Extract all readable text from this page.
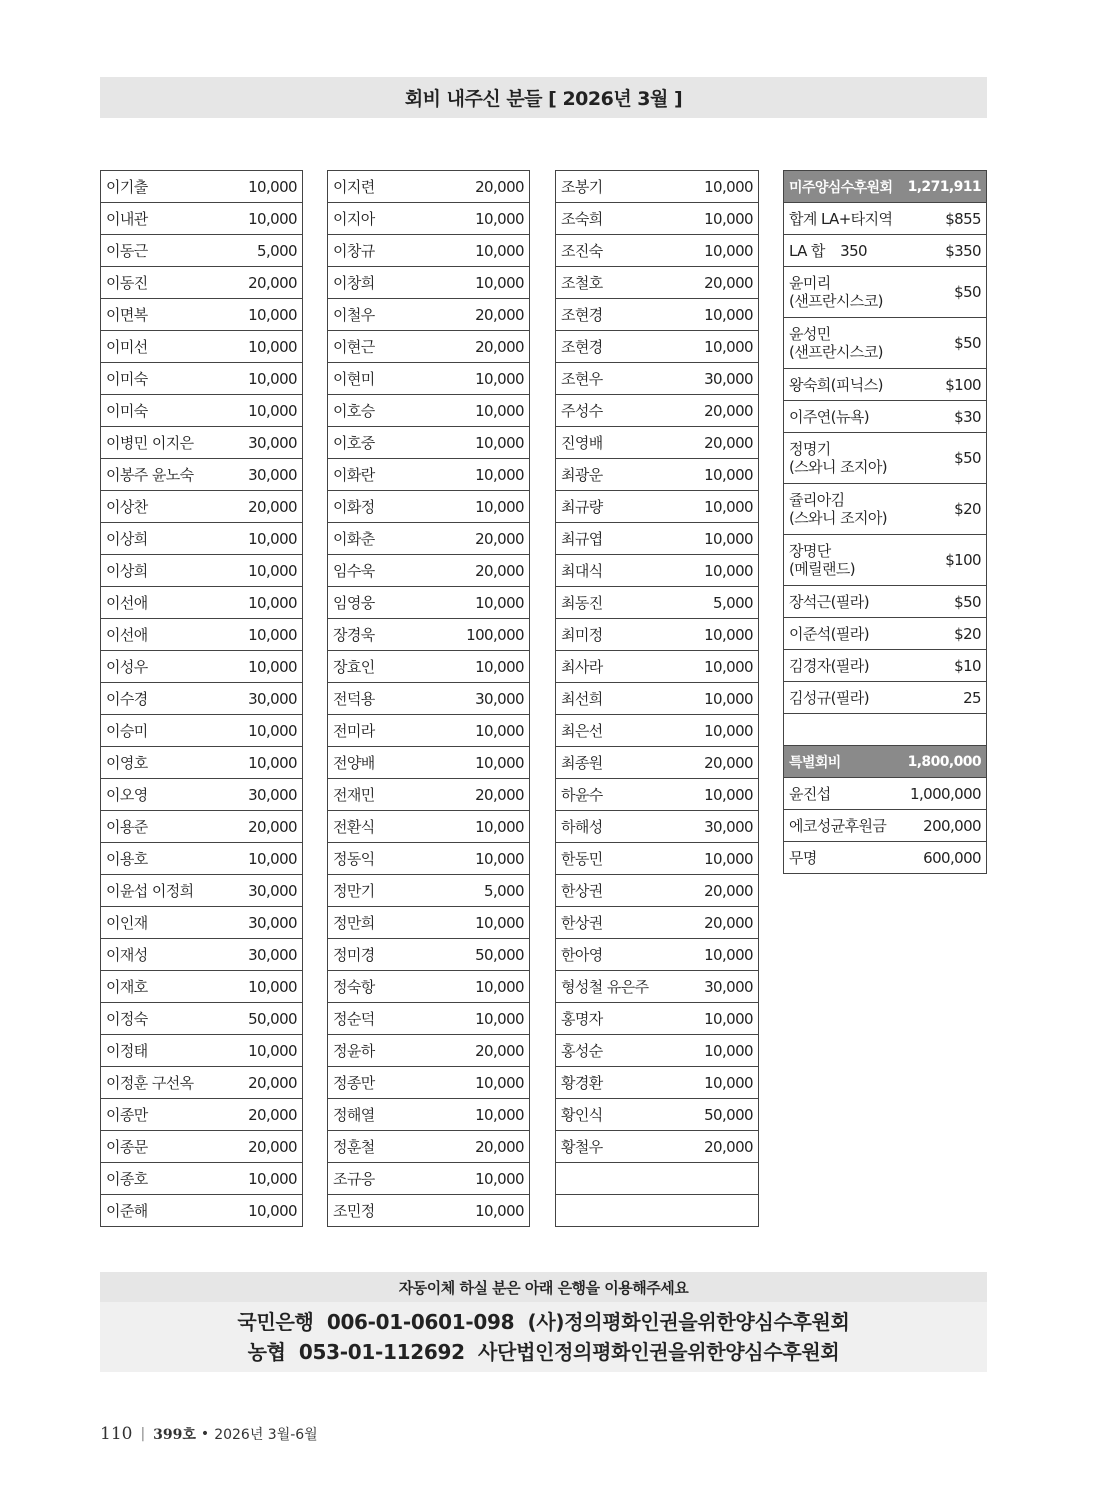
회비 내주신 분들 [ 2026년 3월 ]
이기출	10,000
이내관	10,000
이동근	5,000
이동진	20,000
이면복	10,000
이미선	10,000
이미숙	10,000
이미숙	10,000
이병민 이지은	30,000
이봉주 윤노숙	30,000
이상찬	20,000
이상희	10,000
이상희	10,000
이선애	10,000
이선애	10,000
이성우	10,000
이수경	30,000
이승미	10,000
이영호	10,000
이오영	30,000
이용준	20,000
이용호	10,000
이윤섭 이정희	30,000
이인재	30,000
이재성	30,000
이재호	10,000
이정숙	50,000
이정태	10,000
이정훈 구선옥	20,000
이종만	20,000
이종문	20,000
이종호	10,000
이준해	10,000
이지련	20,000
이지아	10,000
이창규	10,000
이창희	10,000
이철우	20,000
이현근	20,000
이현미	10,000
이호승	10,000
이호중	10,000
이화란	10,000
이화정	10,000
이화춘	20,000
임수욱	20,000
임영웅	10,000
장경욱	100,000
장효인	10,000
전덕용	30,000
전미라	10,000
전양배	10,000
전재민	20,000
전환식	10,000
정동익	10,000
정만기	5,000
정만희	10,000
정미경	50,000
정숙항	10,000
정순덕	10,000
정윤하	20,000
정종만	10,000
정해열	10,000
정훈철	20,000
조규응	10,000
조민정	10,000
조봉기	10,000
조숙희	10,000
조진숙	10,000
조철호	20,000
조현경	10,000
조현경	10,000
조현우	30,000
주성수	20,000
진영배	20,000
최광운	10,000
최규량	10,000
최규엽	10,000
최대식	10,000
최동진	5,000
최미정	10,000
최사라	10,000
최선희	10,000
최은선	10,000
최종원	20,000
하윤수	10,000
하해성	30,000
한동민	10,000
한상권	20,000
한상권	20,000
한아영	10,000
형성철 유은주	30,000
홍명자	10,000
홍성순	10,000
황경환	10,000
황인식	50,000
황철우	20,000

미주양심수후원회	1,271,911
합계 LA+타지역	$855
LA 합 350	$350

윤미리
(샌프란시스코)	$50

윤성민
(샌프란시스코)	$50

왕숙희(피닉스)	$100

이주연(뉴욕)	$30

정명기
(스와니 조지아)	$50

쥴리아김
(스와니 조지아)	$20

장명단
(메릴랜드)	$100

장석근(필라)	$50

이준석(필라)	$20

김경자(필라)	$10

김성규(필라)	25

특별회비	1,800,000
윤진섭	1,000,000
에코성균후원금	200,000
무명	600,000
자동이체 하실 분은 아래 은행을 이용해주세요
국민은행  006-01-0601-098  (사)정의평화인권을위한양심수후원회
농협  053-01-112692  사단법인정의평화인권을위한양심수후원회
110 | 399호 • 2026년 3월-6월
